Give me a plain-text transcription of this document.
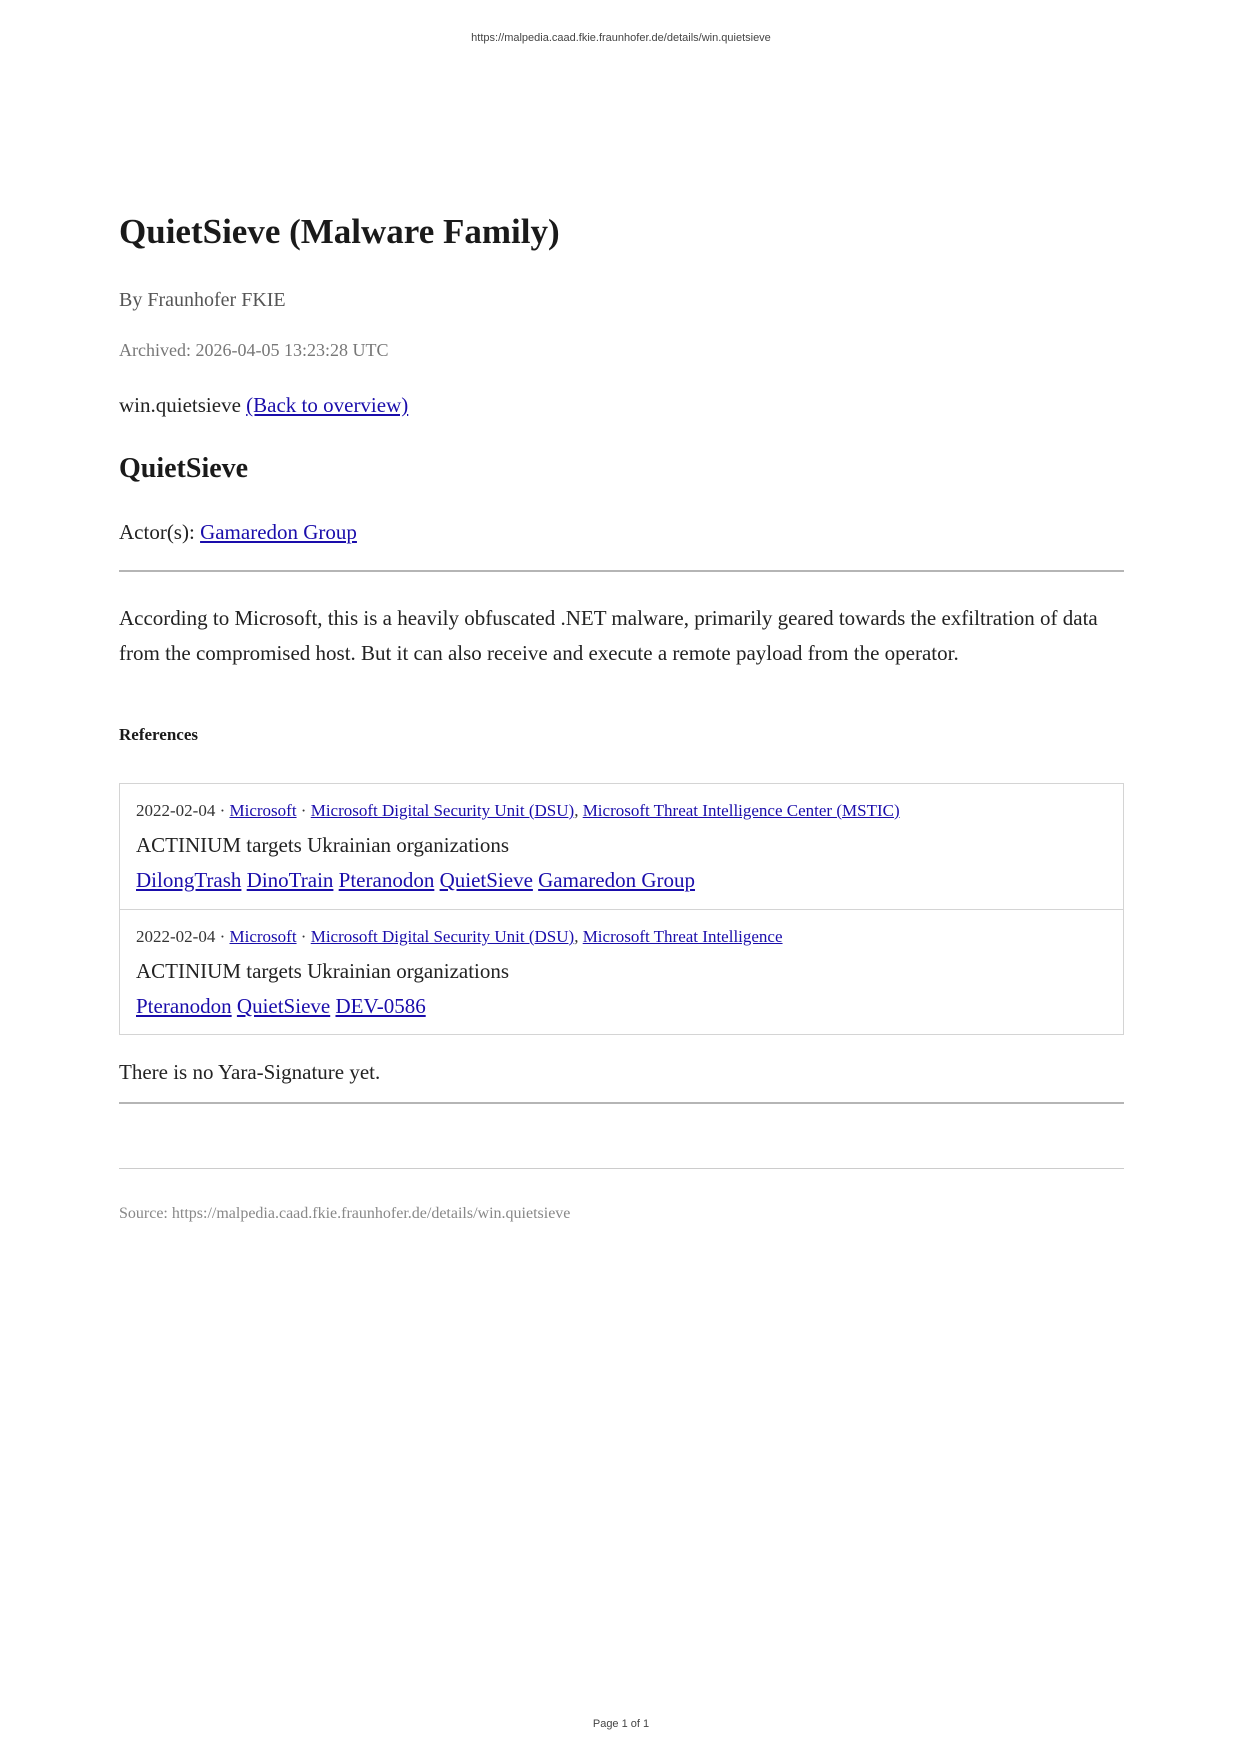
https://malpedia.caad.fkie.fraunhofer.de/details/win.quietsieve
QuietSieve (Malware Family)
By Fraunhofer FKIE
Archived: 2026-04-05 13:23:28 UTC
win.quietsieve (Back to overview)
QuietSieve
Actor(s): Gamaredon Group

According to Microsoft, this is a heavily obfuscated .NET malware, primarily geared towards the exfiltration of data from the compromised host. But it can also receive and execute a remote payload from the operator.

References
2022-02-04 · Microsoft · Microsoft Digital Security Unit (DSU), Microsoft Threat Intelligence Center (MSTIC)
ACTINIUM targets Ukrainian organizations
DilongTrash DinoTrain Pteranodon QuietSieve Gamaredon Group
2022-02-04 · Microsoft · Microsoft Digital Security Unit (DSU), Microsoft Threat Intelligence
ACTINIUM targets Ukrainian organizations
Pteranodon QuietSieve DEV-0586
There is no Yara-Signature yet.
Source: https://malpedia.caad.fkie.fraunhofer.de/details/win.quietsieve
Page 1 of 1
